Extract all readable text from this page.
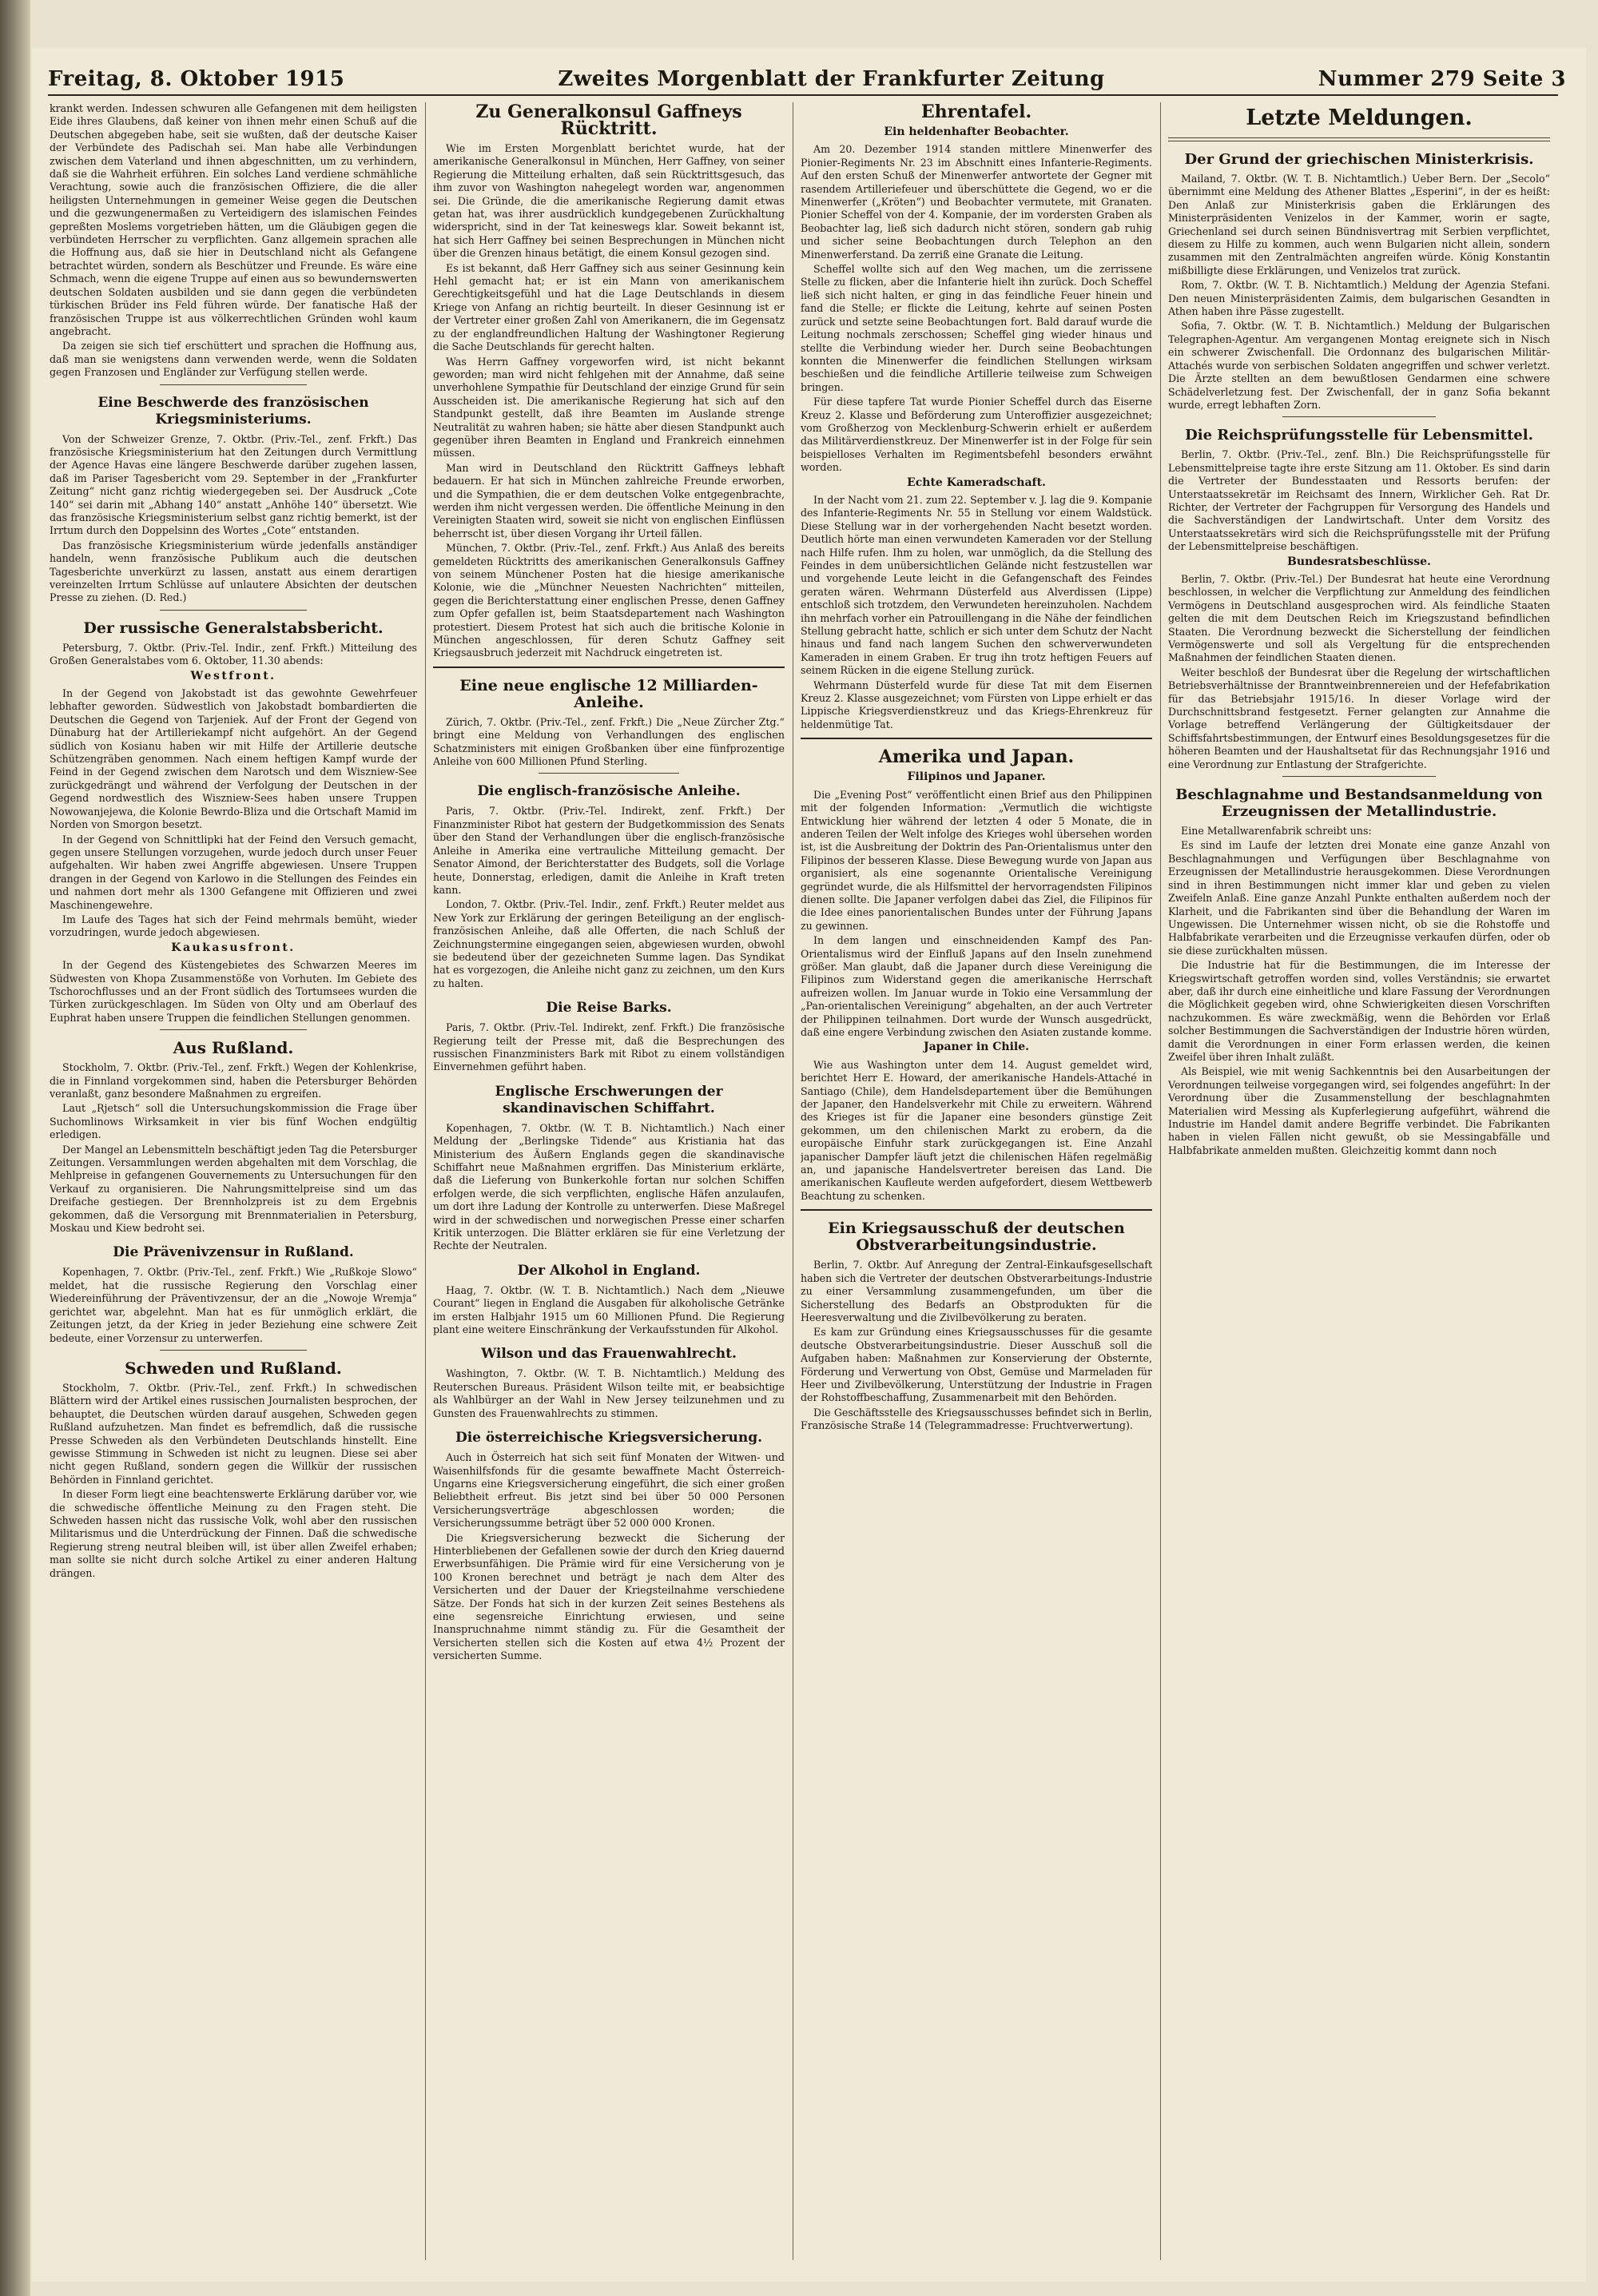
Freitag, 8. Oktober 1915	Zweites Morgenblatt der Frankfurter Zeitung	Nummer 279 Seite 3

krankt werden. Indessen schwuren alle Gefangenen mit dem heiligsten Eide ihres Glaubens, daß keiner von ihnen mehr einen Schuß auf die Deutschen abgegeben habe, seit sie wußten, daß der deutsche Kaiser der Verbündete des Padischah sei. Man habe alle Verbindungen zwischen dem Vaterland und ihnen abgeschnitten, um zu verhindern, daß sie die Wahrheit erführen. Ein solches Land verdiene schmähliche Verachtung, sowie auch die französischen Offiziere, die die aller heiligsten Unternehmungen in gemeiner Weise gegen die Deutschen und die gezwungenermaßen zu Verteidigern des islamischen Feindes gepreßten Moslems vorgetrieben hätten, um die Gläubigen gegen die verbündeten Herrscher zu verpflichten. Ganz allgemein sprachen alle die Hoffnung aus, daß sie hier in Deutschland nicht als Gefangene betrachtet würden, sondern als Beschützer und Freunde. Es wäre eine Schmach, wenn die eigene Truppe auf einen aus so bewundernswerten deutschen Soldaten ausbilden und sie dann gegen die verbündeten türkischen Brüder ins Feld führen würde. Der fanatische Haß der französischen Truppe ist aus völkerrechtlichen Gründen wohl kaum angebracht.

Da zeigen sie sich tief erschüttert und sprachen die Hoffnung aus, daß man sie wenigstens dann verwenden werde, wenn die Soldaten gegen Franzosen und Engländer zur Verfügung stellen werde.

Eine Beschwerde des französischen Kriegsministeriums.

Von der Schweizer Grenze, 7. Oktbr. (Priv.-Tel., zenf. Frkft.) Das französische Kriegsministerium hat den Zeitungen durch Vermittlung der Agence Havas eine längere Beschwerde darüber zugehen lassen, daß im Pariser Tagesbericht vom 29. September in der „Frankfurter Zeitung“ nicht ganz richtig wiedergegeben sei. Der Ausdruck „Cote 140“ sei darin mit „Abhang 140“ anstatt „Anhöhe 140“ übersetzt. Wie das französische Kriegsministerium selbst ganz richtig bemerkt, ist der Irrtum durch den Doppelsinn des Wortes „Cote“ entstanden.

Das französische Kriegsministerium würde jedenfalls anständiger handeln, wenn französische Publikum auch die deutschen Tagesberichte unverkürzt zu lassen, anstatt aus einem derartigen vereinzelten Irrtum Schlüsse auf unlautere Absichten der deutschen Presse zu ziehen. (D. Red.)

Der russische Generalstabsbericht.

Petersburg, 7. Oktbr. (Priv.-Tel. Indir., zenf. Frkft.) Mitteilung des Großen Generalstabes vom 6. Oktober, 11.30 abends:

Westfront.

In der Gegend von Jakobstadt ist das gewohnte Gewehrfeuer lebhafter geworden. Südwestlich von Jakobstadt bombardierten die Deutschen die Gegend von Tarjeniek. Auf der Front der Gegend von Dünaburg hat der Artilleriekampf nicht aufgehört. An der Gegend südlich von Kosianu haben wir mit Hilfe der Artillerie deutsche Schützengräben genommen. Nach einem heftigen Kampf wurde der Feind in der Gegend zwischen dem Narotsch und dem Wiszniew-See zurückgedrängt und während der Verfolgung der Deutschen in der Gegend nordwestlich des Wiszniew-Sees haben unsere Truppen Nowowanjejewa, die Kolonie Bewrdo-Bliza und die Ortschaft Mamid im Norden von Smorgon besetzt.

In der Gegend von Schnittlipki hat der Feind den Versuch gemacht, gegen unsere Stellungen vorzugehen, wurde jedoch durch unser Feuer aufgehalten. Wir haben zwei Angriffe abgewiesen. Unsere Truppen drangen in der Gegend von Karlowo in die Stellungen des Feindes ein und nahmen dort mehr als 1300 Gefangene mit Offizieren und zwei Maschinengewehre.

Im Laufe des Tages hat sich der Feind mehrmals bemüht, wieder vorzudringen, wurde jedoch abgewiesen.

Kaukasusfront.

In der Gegend des Küstengebietes des Schwarzen Meeres im Südwesten von Khopa Zusammenstöße von Vorhuten. Im Gebiete des Tschorochflusses und an der Front südlich des Tortumsees wurden die Türken zurückgeschlagen. Im Süden von Olty und am Oberlauf des Euphrat haben unsere Truppen die feindlichen Stellungen genommen.

Aus Rußland.

Stockholm, 7. Oktbr. (Priv.-Tel., zenf. Frkft.) Wegen der Kohlenkrise, die in Finnland vorgekommen sind, haben die Petersburger Behörden veranlaßt, ganz besondere Maßnahmen zu ergreifen.

Laut „Rjetsch“ soll die Untersuchungskommission die Frage über Suchomlinows Wirksamkeit in vier bis fünf Wochen endgültig erledigen.

Der Mangel an Lebensmitteln beschäftigt jeden Tag die Petersburger Zeitungen. Versammlungen werden abgehalten mit dem Vorschlag, die Mehlpreise in gefangenen Gouvernements zu Untersuchungen für den Verkauf zu organisieren. Die Nahrungsmittelpreise sind um das Dreifache gestiegen. Der Brennholzpreis ist zu dem Ergebnis gekommen, daß die Versorgung mit Brennmaterialien in Petersburg, Moskau und Kiew bedroht sei.

Die Prävenivzensur in Rußland.

Kopenhagen, 7. Oktbr. (Priv.-Tel., zenf. Frkft.) Wie „Rußkoje Slowo“ meldet, hat die russische Regierung den Vorschlag einer Wiedereinführung der Präventivzensur, der an die „Nowoje Wremja“ gerichtet war, abgelehnt. Man hat es für unmöglich erklärt, die Zeitungen jetzt, da der Krieg in jeder Beziehung eine schwere Zeit bedeute, einer Vorzensur zu unterwerfen.

Schweden und Rußland.

Stockholm, 7. Oktbr. (Priv.-Tel., zenf. Frkft.) In schwedischen Blättern wird der Artikel eines russischen Journalisten besprochen, der behauptet, die Deutschen würden darauf ausgehen, Schweden gegen Rußland aufzuhetzen. Man findet es befremdlich, daß die russische Presse Schweden als den Verbündeten Deutschlands hinstellt. Eine gewisse Stimmung in Schweden ist nicht zu leugnen. Diese sei aber nicht gegen Rußland, sondern gegen die Willkür der russischen Behörden in Finnland gerichtet.

In dieser Form liegt eine beachtenswerte Erklärung darüber vor, wie die schwedische öffentliche Meinung zu den Fragen steht. Die Schweden hassen nicht das russische Volk, wohl aber den russischen Militarismus und die Unterdrückung der Finnen. Daß die schwedische Regierung streng neutral bleiben will, ist über allen Zweifel erhaben; man sollte sie nicht durch solche Artikel zu einer anderen Haltung drängen.

Zu Generalkonsul Gaffneys Rücktritt.

Wie im Ersten Morgenblatt berichtet wurde, hat der amerikanische Generalkonsul in München, Herr Gaffney, von seiner Regierung die Mitteilung erhalten, daß sein Rücktrittsgesuch, das ihm zuvor von Washington nahegelegt worden war, angenommen sei. Die Gründe, die die amerikanische Regierung damit etwas getan hat, was ihrer ausdrücklich kundgegebenen Zurückhaltung widerspricht, sind in der Tat keineswegs klar. Soweit bekannt ist, hat sich Herr Gaffney bei seinen Besprechungen in München nicht über die Grenzen hinaus betätigt, die einem Konsul gezogen sind.

Es ist bekannt, daß Herr Gaffney sich aus seiner Gesinnung kein Hehl gemacht hat; er ist ein Mann von amerikanischem Gerechtigkeitsgefühl und hat die Lage Deutschlands in diesem Kriege von Anfang an richtig beurteilt. In dieser Gesinnung ist er der Vertreter einer großen Zahl von Amerikanern, die im Gegensatz zu der englandfreundlichen Haltung der Washingtoner Regierung die Sache Deutschlands für gerecht halten.

Was Herrn Gaffney vorgeworfen wird, ist nicht bekannt geworden; man wird nicht fehlgehen mit der Annahme, daß seine unverhohlene Sympathie für Deutschland der einzige Grund für sein Ausscheiden ist. Die amerikanische Regierung hat sich auf den Standpunkt gestellt, daß ihre Beamten im Auslande strenge Neutralität zu wahren haben; sie hätte aber diesen Standpunkt auch gegenüber ihren Beamten in England und Frankreich einnehmen müssen.

Man wird in Deutschland den Rücktritt Gaffneys lebhaft bedauern. Er hat sich in München zahlreiche Freunde erworben, und die Sympathien, die er dem deutschen Volke entgegenbrachte, werden ihm nicht vergessen werden. Die öffentliche Meinung in den Vereinigten Staaten wird, soweit sie nicht von englischen Einflüssen beherrscht ist, über diesen Vorgang ihr Urteil fällen.

München, 7. Oktbr. (Priv.-Tel., zenf. Frkft.) Aus Anlaß des bereits gemeldeten Rücktritts des amerikanischen Generalkonsuls Gaffney von seinem Münchener Posten hat die hiesige amerikanische Kolonie, wie die „Münchner Neuesten Nachrichten“ mitteilen, gegen die Berichterstattung einer englischen Presse, denen Gaffney zum Opfer gefallen ist, beim Staatsdepartement nach Washington protestiert. Diesem Protest hat sich auch die britische Kolonie in München angeschlossen, für deren Schutz Gaffney seit Kriegsausbruch jederzeit mit Nachdruck eingetreten ist.

Eine neue englische 12 Milliarden-Anleihe.

Zürich, 7. Oktbr. (Priv.-Tel., zenf. Frkft.) Die „Neue Zürcher Ztg.“ bringt eine Meldung von Verhandlungen des englischen Schatzministers mit einigen Großbanken über eine fünfprozentige Anleihe von 600 Millionen Pfund Sterling.

Die englisch-französische Anleihe.

Paris, 7. Oktbr. (Priv.-Tel. Indirekt, zenf. Frkft.) Der Finanzminister Ribot hat gestern der Budgetkommission des Senats über den Stand der Verhandlungen über die englisch-französische Anleihe in Amerika eine vertrauliche Mitteilung gemacht. Der Senator Aimond, der Berichterstatter des Budgets, soll die Vorlage heute, Donnerstag, erledigen, damit die Anleihe in Kraft treten kann.

London, 7. Oktbr. (Priv.-Tel. Indir., zenf. Frkft.) Reuter meldet aus New York zur Erklärung der geringen Beteiligung an der englisch-französischen Anleihe, daß alle Offerten, die nach Schluß der Zeichnungstermine eingegangen seien, abgewiesen wurden, obwohl sie bedeutend über der gezeichneten Summe lagen. Das Syndikat hat es vorgezogen, die Anleihe nicht ganz zu zeichnen, um den Kurs zu halten.

Die Reise Barks.

Paris, 7. Oktbr. (Priv.-Tel. Indirekt, zenf. Frkft.) Die französische Regierung teilt der Presse mit, daß die Besprechungen des russischen Finanzministers Bark mit Ribot zu einem vollständigen Einvernehmen geführt haben.

Englische Erschwerungen der skandinavischen Schiffahrt.

Kopenhagen, 7. Oktbr. (W. T. B. Nichtamtlich.) Nach einer Meldung der „Berlingske Tidende“ aus Kristiania hat das Ministerium des Äußern Englands gegen die skandinavische Schiffahrt neue Maßnahmen ergriffen. Das Ministerium erklärte, daß die Lieferung von Bunkerkohle fortan nur solchen Schiffen erfolgen werde, die sich verpflichten, englische Häfen anzulaufen, um dort ihre Ladung der Kontrolle zu unterwerfen. Diese Maßregel wird in der schwedischen und norwegischen Presse einer scharfen Kritik unterzogen. Die Blätter erklären sie für eine Verletzung der Rechte der Neutralen.

Der Alkohol in England.

Haag, 7. Oktbr. (W. T. B. Nichtamtlich.) Nach dem „Nieuwe Courant“ liegen in England die Ausgaben für alkoholische Getränke im ersten Halbjahr 1915 um 60 Millionen Pfund. Die Regierung plant eine weitere Einschränkung der Verkaufsstunden für Alkohol.

Wilson und das Frauenwahlrecht.

Washington, 7. Oktbr. (W. T. B. Nichtamtlich.) Meldung des Reuterschen Bureaus. Präsident Wilson teilte mit, er beabsichtige als Wahlbürger an der Wahl in New Jersey teilzunehmen und zu Gunsten des Frauenwahlrechts zu stimmen.

Die österreichische Kriegsversicherung.

Auch in Österreich hat sich seit fünf Monaten der Witwen- und Waisenhilfsfonds für die gesamte bewaffnete Macht Österreich-Ungarns eine Kriegsversicherung eingeführt, die sich einer großen Beliebtheit erfreut. Bis jetzt sind bei über 50 000 Personen Versicherungsverträge abgeschlossen worden; die Versicherungssumme beträgt über 52 000 000 Kronen.

Die Kriegsversicherung bezweckt die Sicherung der Hinterbliebenen der Gefallenen sowie der durch den Krieg dauernd Erwerbsunfähigen. Die Prämie wird für eine Versicherung von je 100 Kronen berechnet und beträgt je nach dem Alter des Versicherten und der Dauer der Kriegsteilnahme verschiedene Sätze. Der Fonds hat sich in der kurzen Zeit seines Bestehens als eine segensreiche Einrichtung erwiesen, und seine Inanspruchnahme nimmt ständig zu. Für die Gesamtheit der Versicherten stellen sich die Kosten auf etwa 4½ Prozent der versicherten Summe.

Ehrentafel.
Ein heldenhafter Beobachter.

Am 20. Dezember 1914 standen mittlere Minenwerfer des Pionier-Regiments Nr. 23 im Abschnitt eines Infanterie-Regiments. Auf den ersten Schuß der Minenwerfer antwortete der Gegner mit rasendem Artilleriefeuer und überschüttete die Gegend, wo er die Minenwerfer („Kröten“) und Beobachter vermutete, mit Granaten. Pionier Scheffel von der 4. Kompanie, der im vordersten Graben als Beobachter lag, ließ sich dadurch nicht stören, sondern gab ruhig und sicher seine Beobachtungen durch Telephon an den Minenwerferstand. Da zerriß eine Granate die Leitung.

Scheffel wollte sich auf den Weg machen, um die zerrissene Stelle zu flicken, aber die Infanterie hielt ihn zurück. Doch Scheffel ließ sich nicht halten, er ging in das feindliche Feuer hinein und fand die Stelle; er flickte die Leitung, kehrte auf seinen Posten zurück und setzte seine Beobachtungen fort. Bald darauf wurde die Leitung nochmals zerschossen; Scheffel ging wieder hinaus und stellte die Verbindung wieder her. Durch seine Beobachtungen konnten die Minenwerfer die feindlichen Stellungen wirksam beschießen und die feindliche Artillerie teilweise zum Schweigen bringen.

Für diese tapfere Tat wurde Pionier Scheffel durch das Eiserne Kreuz 2. Klasse und Beförderung zum Unteroffizier ausgezeichnet; vom Großherzog von Mecklenburg-Schwerin erhielt er außerdem das Militärverdienstkreuz. Der Minenwerfer ist in der Folge für sein beispielloses Verhalten im Regimentsbefehl besonders erwähnt worden.

Echte Kameradschaft.

In der Nacht vom 21. zum 22. September v. J. lag die 9. Kompanie des Infanterie-Regiments Nr. 55 in Stellung vor einem Waldstück. Diese Stellung war in der vorhergehenden Nacht besetzt worden. Deutlich hörte man einen verwundeten Kameraden vor der Stellung nach Hilfe rufen. Ihm zu holen, war unmöglich, da die Stellung des Feindes in dem unübersichtlichen Gelände nicht festzustellen war und vorgehende Leute leicht in die Gefangenschaft des Feindes geraten wären. Wehrmann Düsterfeld aus Alverdissen (Lippe) entschloß sich trotzdem, den Verwundeten hereinzuholen. Nachdem ihn mehrfach vorher ein Patrouillengang in die Nähe der feindlichen Stellung gebracht hatte, schlich er sich unter dem Schutz der Nacht hinaus und fand nach langem Suchen den schwerverwundeten Kameraden in einem Graben. Er trug ihn trotz heftigen Feuers auf seinem Rücken in die eigene Stellung zurück.

Wehrmann Düsterfeld wurde für diese Tat mit dem Eisernen Kreuz 2. Klasse ausgezeichnet; vom Fürsten von Lippe erhielt er das Lippische Kriegsverdienstkreuz und das Kriegs-Ehrenkreuz für heldenmütige Tat.

Amerika und Japan.
Filipinos und Japaner.

Die „Evening Post“ veröffentlicht einen Brief aus den Philippinen mit der folgenden Information: „Vermutlich die wichtigste Entwicklung hier während der letzten 4 oder 5 Monate, die in anderen Teilen der Welt infolge des Krieges wohl übersehen worden ist, ist die Ausbreitung der Doktrin des Pan-Orientalismus unter den Filipinos der besseren Klasse. Diese Bewegung wurde von Japan aus organisiert, als eine sogenannte Orientalische Vereinigung gegründet wurde, die als Hilfsmittel der hervorragendsten Filipinos dienen sollte. Die Japaner verfolgen dabei das Ziel, die Filipinos für die Idee eines panorientalischen Bundes unter der Führung Japans zu gewinnen.

In dem langen und einschneidenden Kampf des Pan-Orientalismus wird der Einfluß Japans auf den Inseln zunehmend größer. Man glaubt, daß die Japaner durch diese Vereinigung die Filipinos zum Widerstand gegen die amerikanische Herrschaft aufreizen wollen. Im Januar wurde in Tokio eine Versammlung der „Pan-orientalischen Vereinigung“ abgehalten, an der auch Vertreter der Philippinen teilnahmen. Dort wurde der Wunsch ausgedrückt, daß eine engere Verbindung zwischen den Asiaten zustande komme.

Japaner in Chile.

Wie aus Washington unter dem 14. August gemeldet wird, berichtet Herr E. Howard, der amerikanische Handels-Attaché in Santiago (Chile), dem Handelsdepartement über die Bemühungen der Japaner, den Handelsverkehr mit Chile zu erweitern. Während des Krieges ist für die Japaner eine besonders günstige Zeit gekommen, um den chilenischen Markt zu erobern, da die europäische Einfuhr stark zurückgegangen ist. Eine Anzahl japanischer Dampfer läuft jetzt die chilenischen Häfen regelmäßig an, und japanische Handelsvertreter bereisen das Land. Die amerikanischen Kaufleute werden aufgefordert, diesem Wettbewerb Beachtung zu schenken.

Ein Kriegsausschuß der deutschen Obstverarbeitungsindustrie.

Berlin, 7. Oktbr. Auf Anregung der Zentral-Einkaufsgesellschaft haben sich die Vertreter der deutschen Obstverarbeitungs-Industrie zu einer Versammlung zusammengefunden, um über die Sicherstellung des Bedarfs an Obstprodukten für die Heeresverwaltung und die Zivilbevölkerung zu beraten.

Es kam zur Gründung eines Kriegsausschusses für die gesamte deutsche Obstverarbeitungsindustrie. Dieser Ausschuß soll die Aufgaben haben: Maßnahmen zur Konservierung der Obsternte, Förderung und Verwertung von Obst, Gemüse und Marmeladen für Heer und Zivilbevölkerung, Unterstützung der Industrie in Fragen der Rohstoffbeschaffung, Zusammenarbeit mit den Behörden.

Die Geschäftsstelle des Kriegsausschusses befindet sich in Berlin, Französische Straße 14 (Telegrammadresse: Fruchtverwertung).

Letzte Meldungen.
Der Grund der griechischen Ministerkrisis.

Mailand, 7. Oktbr. (W. T. B. Nichtamtlich.) Ueber Bern. Der „Secolo“ übernimmt eine Meldung des Athener Blattes „Esperini“, in der es heißt: Den Anlaß zur Ministerkrisis gaben die Erklärungen des Ministerpräsidenten Venizelos in der Kammer, worin er sagte, Griechenland sei durch seinen Bündnisvertrag mit Serbien verpflichtet, diesem zu Hilfe zu kommen, auch wenn Bulgarien nicht allein, sondern zusammen mit den Zentralmächten angreifen würde. König Konstantin mißbilligte diese Erklärungen, und Venizelos trat zurück.

Rom, 7. Oktbr. (W. T. B. Nichtamtlich.) Meldung der Agenzia Stefani. Den neuen Ministerpräsidenten Zaimis, dem bulgarischen Gesandten in Athen haben ihre Pässe zugestellt.

Sofia, 7. Oktbr. (W. T. B. Nichtamtlich.) Meldung der Bulgarischen Telegraphen-Agentur. Am vergangenen Montag ereignete sich in Nisch ein schwerer Zwischenfall. Die Ordonnanz des bulgarischen Militär-Attachés wurde von serbischen Soldaten angegriffen und schwer verletzt. Die Ärzte stellten an dem bewußtlosen Gendarmen eine schwere Schädelverletzung fest. Der Zwischenfall, der in ganz Sofia bekannt wurde, erregt lebhaften Zorn.

Die Reichsprüfungsstelle für Lebensmittel.

Berlin, 7. Oktbr. (Priv.-Tel., zenf. Bln.) Die Reichsprüfungsstelle für Lebensmittelpreise tagte ihre erste Sitzung am 11. Oktober. Es sind darin die Vertreter der Bundesstaaten und Ressorts berufen: der Unterstaatssekretär im Reichsamt des Innern, Wirklicher Geh. Rat Dr. Richter, der Vertreter der Fachgruppen für Versorgung des Handels und die Sachverständigen der Landwirtschaft. Unter dem Vorsitz des Unterstaatssekretärs wird sich die Reichsprüfungsstelle mit der Prüfung der Lebensmittelpreise beschäftigen.

Bundesratsbeschlüsse.

Berlin, 7. Oktbr. (Priv.-Tel.) Der Bundesrat hat heute eine Verordnung beschlossen, in welcher die Verpflichtung zur Anmeldung des feindlichen Vermögens in Deutschland ausgesprochen wird. Als feindliche Staaten gelten die mit dem Deutschen Reich im Kriegszustand befindlichen Staaten. Die Verordnung bezweckt die Sicherstellung der feindlichen Vermögenswerte und soll als Vergeltung für die entsprechenden Maßnahmen der feindlichen Staaten dienen.

Weiter beschloß der Bundesrat über die Regelung der wirtschaftlichen Betriebsverhältnisse der Branntweinbrennereien und der Hefefabrikation für das Betriebsjahr 1915/16. In dieser Vorlage wird der Durchschnittsbrand festgesetzt. Ferner gelangten zur Annahme die Vorlage betreffend Verlängerung der Gültigkeitsdauer der Schiffsfahrtsbestimmungen, der Entwurf eines Besoldungsgesetzes für die höheren Beamten und der Haushaltsetat für das Rechnungsjahr 1916 und eine Verordnung zur Entlastung der Strafgerichte.

Beschlagnahme und Bestandsanmeldung von Erzeugnissen der Metallindustrie.

Eine Metallwarenfabrik schreibt uns:

Es sind im Laufe der letzten drei Monate eine ganze Anzahl von Beschlagnahmungen und Verfügungen über Beschlagnahme von Erzeugnissen der Metallindustrie herausgekommen. Diese Verordnungen sind in ihren Bestimmungen nicht immer klar und geben zu vielen Zweifeln Anlaß. Eine ganze Anzahl Punkte enthalten außerdem noch der Klarheit, und die Fabrikanten sind über die Behandlung der Waren im Ungewissen. Die Unternehmer wissen nicht, ob sie die Rohstoffe und Halbfabrikate verarbeiten und die Erzeugnisse verkaufen dürfen, oder ob sie diese zurückhalten müssen.

Die Industrie hat für die Bestimmungen, die im Interesse der Kriegswirtschaft getroffen worden sind, volles Verständnis; sie erwartet aber, daß ihr durch eine einheitliche und klare Fassung der Verordnungen die Möglichkeit gegeben wird, ohne Schwierigkeiten diesen Vorschriften nachzukommen. Es wäre zweckmäßig, wenn die Behörden vor Erlaß solcher Bestimmungen die Sachverständigen der Industrie hören würden, damit die Verordnungen in einer Form erlassen werden, die keinen Zweifel über ihren Inhalt zuläßt.

Als Beispiel, wie mit wenig Sachkenntnis bei den Ausarbeitungen der Verordnungen teilweise vorgegangen wird, sei folgendes angeführt: In der Verordnung über die Zusammenstellung der beschlagnahmten Materialien wird Messing als Kupferlegierung aufgeführt, während die Industrie im Handel damit andere Begriffe verbindet. Die Fabrikanten haben in vielen Fällen nicht gewußt, ob sie Messingabfälle und Halbfabrikate anmelden mußten. Gleichzeitig kommt dann noch
